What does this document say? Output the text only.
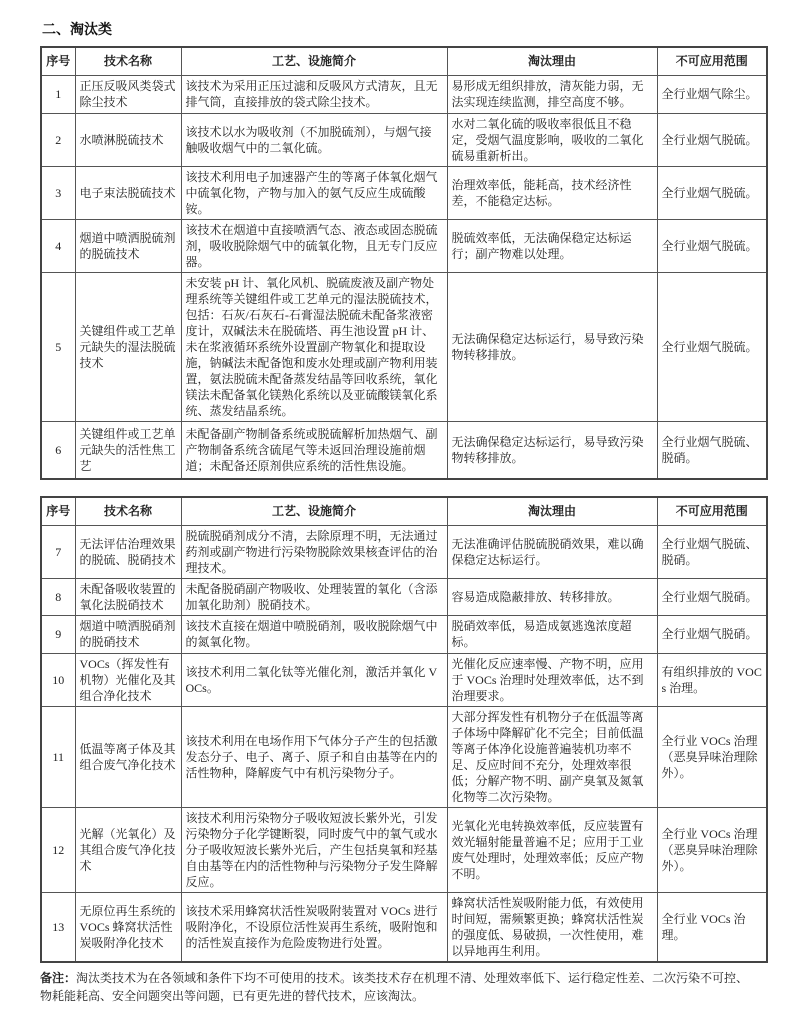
二、淘汰类
序号	技术名称	工艺、设施简介	淘汰理由	不可应用范围
1	正压反吸风类袋式除尘技术	该技术为采用正压过滤和反吸风方式清灰，且无排气筒，直接排放的袋式除尘技术。	易形成无组织排放，清灰能力弱，无法实现连续监测，排空高度不够。	全行业烟气除尘。
2	水喷淋脱硫技术	该技术以水为吸收剂（不加脱硫剂），与烟气接触吸收烟气中的二氧化硫。	水对二氧化硫的吸收率很低且不稳定，受烟气温度影响，吸收的二氧化硫易重新析出。	全行业烟气脱硫。
3	电子束法脱硫技术	该技术利用电子加速器产生的等离子体氧化烟气中硫氧化物，产物与加入的氨气反应生成硫酸铵。	治理效率低，能耗高，技术经济性差，不能稳定达标。	全行业烟气脱硫。
4	烟道中喷洒脱硫剂的脱硫技术	该技术在烟道中直接喷洒气态、液态或固态脱硫剂，吸收脱除烟气中的硫氧化物，且无专门反应器。	脱硫效率低，无法确保稳定达标运行；副产物难以处理。	全行业烟气脱硫。
5	关键组件或工艺单元缺失的湿法脱硫技术	未安装 pH 计、氧化风机、脱硫废液及副产物处理系统等关键组件或工艺单元的湿法脱硫技术，包括：石灰/石灰石-石膏湿法脱硫未配备浆液密度计，双碱法未在脱硫塔、再生池设置 pH 计、未在浆液循环系统外设置副产物氧化和提取设施，钠碱法未配备饱和废水处理或副产物利用装置，氨法脱硫未配备蒸发结晶等回收系统，氧化镁法未配备氧化镁熟化系统以及亚硫酸镁氧化系统、蒸发结晶系统。	无法确保稳定达标运行，易导致污染物转移排放。	全行业烟气脱硫。
6	关键组件或工艺单元缺失的活性焦工艺	未配备副产物制备系统或脱硫解析加热烟气、副产物制备系统含硫尾气等未返回治理设施前烟道；未配备还原剂供应系统的活性焦设施。	无法确保稳定达标运行，易导致污染物转移排放。	全行业烟气脱硫、脱硝。
序号	技术名称	工艺、设施简介	淘汰理由	不可应用范围
7	无法评估治理效果的脱硫、脱硝技术	脱硫脱硝剂成分不清，去除原理不明，无法通过药剂或副产物进行污染物脱除效果核查评估的治理技术。	无法准确评估脱硫脱硝效果，难以确保稳定达标运行。	全行业烟气脱硫、脱硝。
8	未配备吸收装置的氧化法脱硝技术	未配备脱硝副产物吸收、处理装置的氧化（含添加氧化助剂）脱硝技术。	容易造成隐蔽排放、转移排放。	全行业烟气脱硝。
9	烟道中喷洒脱硝剂的脱硝技术	该技术直接在烟道中喷脱硝剂，吸收脱除烟气中的氮氧化物。	脱硝效率低，易造成氨逃逸浓度超标。	全行业烟气脱硝。
10	VOCs（挥发性有机物）光催化及其组合净化技术	该技术利用二氧化钛等光催化剂，激活并氧化 VOCs。	光催化反应速率慢、产物不明，应用于 VOCs 治理时处理效率低，达不到治理要求。	有组织排放的 VOCs 治理。
11	低温等离子体及其组合废气净化技术	该技术利用在电场作用下气体分子产生的包括激发态分子、电子、离子、原子和自由基等在内的活性物种，降解废气中有机污染物分子。	大部分挥发性有机物分子在低温等离子体场中降解矿化不完全；目前低温等离子体净化设施普遍装机功率不足、反应时间不充分，处理效率很低；分解产物不明、副产臭氧及氮氧化物等二次污染物。	全行业 VOCs 治理（恶臭异味治理除外）。
12	光解（光氧化）及其组合废气净化技术	该技术利用污染物分子吸收短波长紫外光，引发污染物分子化学键断裂，同时废气中的氧气或水分子吸收短波长紫外光后，产生包括臭氧和羟基自由基等在内的活性物种与污染物分子发生降解反应。	光氧化光电转换效率低，反应装置有效光辐射能量普遍不足；应用于工业废气处理时，处理效率低；反应产物不明。	全行业 VOCs 治理（恶臭异味治理除外）。
13	无原位再生系统的 VOCs 蜂窝状活性炭吸附净化技术	该技术采用蜂窝状活性炭吸附装置对 VOCs 进行吸附净化，不设原位活性炭再生系统，吸附饱和的活性炭直接作为危险废物进行处置。	蜂窝状活性炭吸附能力低，有效使用时间短，需频繁更换；蜂窝状活性炭的强度低、易破损，一次性使用，难以异地再生利用。	全行业 VOCs 治理。
备注：淘汰类技术为在各领域和条件下均不可使用的技术。该类技术存在机理不清、处理效率低下、运行稳定性差、二次污染不可控、物耗能耗高、安全问题突出等问题，已有更先进的替代技术，应该淘汰。
